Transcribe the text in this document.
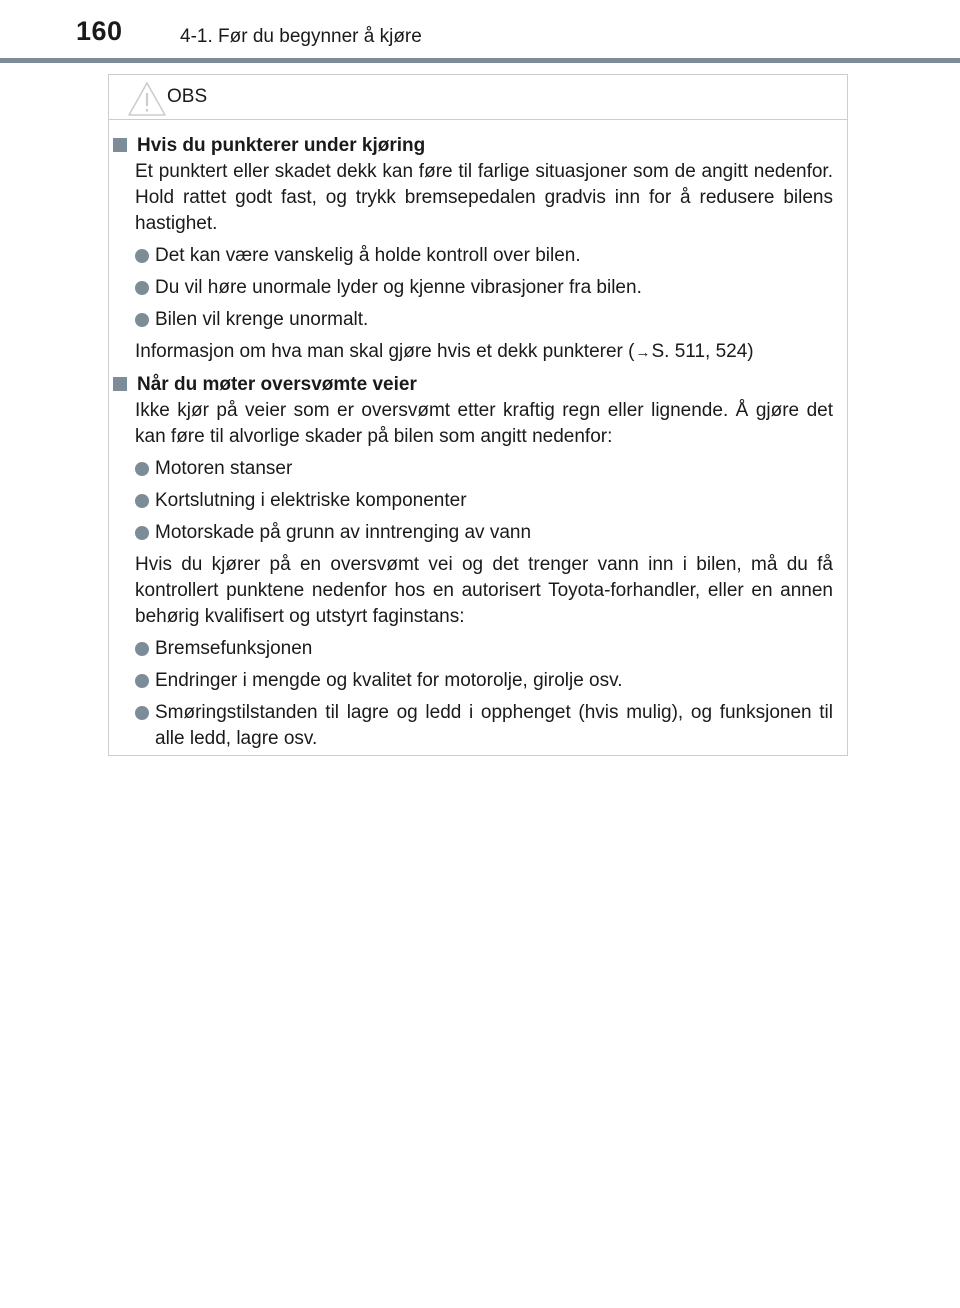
160	4-1. Før du begynner å kjøre
OBS
Hvis du punkterer under kjøring
Et punktert eller skadet dekk kan føre til farlige situasjoner som de angitt nedenfor. Hold rattet godt fast, og trykk bremsepedalen gradvis inn for å redusere bilens hastighet.
Det kan være vanskelig å holde kontroll over bilen.
Du vil høre unormale lyder og kjenne vibrasjoner fra bilen.
Bilen vil krenge unormalt.
Informasjon om hva man skal gjøre hvis et dekk punkterer (→S. 511, 524)
Når du møter oversvømte veier
Ikke kjør på veier som er oversvømt etter kraftig regn eller lignende. Å gjøre det kan føre til alvorlige skader på bilen som angitt nedenfor:
Motoren stanser
Kortslutning i elektriske komponenter
Motorskade på grunn av inntrenging av vann
Hvis du kjører på en oversvømt vei og det trenger vann inn i bilen, må du få kontrollert punktene nedenfor hos en autorisert Toyota-forhandler, eller en annen behørig kvalifisert og utstyrt faginstans:
Bremsefunksjonen
Endringer i mengde og kvalitet for motorolje, girolje osv.
Smøringstilstanden til lagre og ledd i opphenget (hvis mulig), og funksjonen til alle ledd, lagre osv.
